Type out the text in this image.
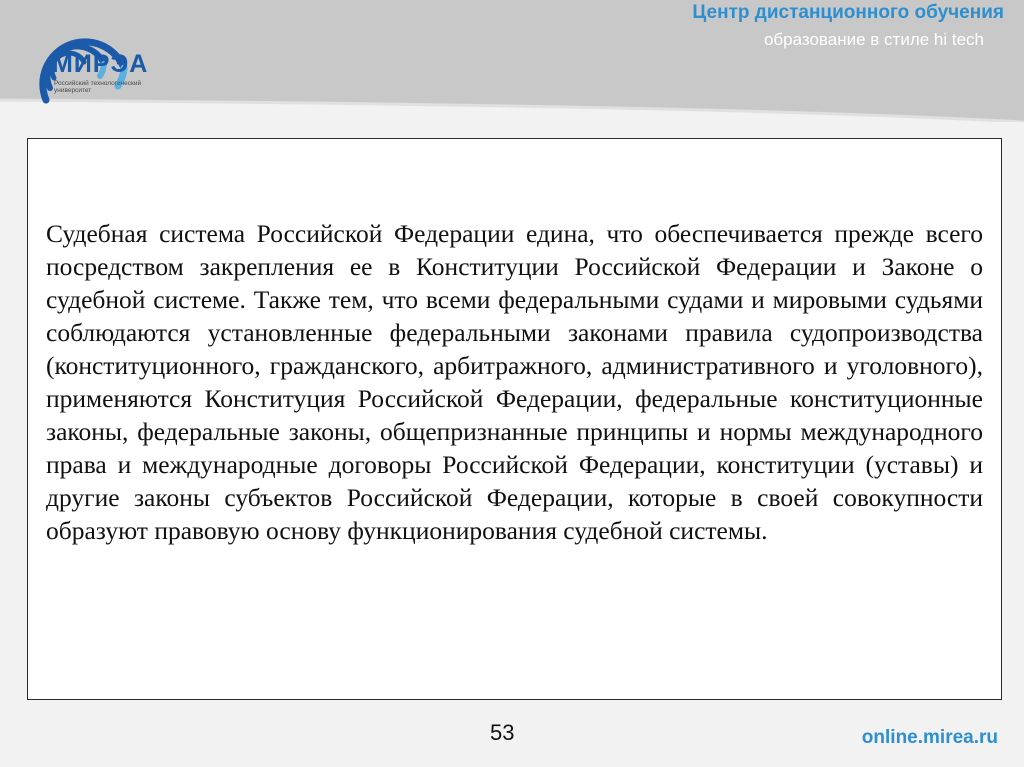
МИРЭА
Российский технологический университет
Центр дистанционного обучения
образование в стиле hi tech

Судебная система Российской Федерации едина, что обеспечивается прежде всего посредством закрепления ее в Конституции Российской Федерации и Законе о судебной системе. Также тем, что всеми федеральными судами и мировыми судьями соблюдаются установленные федеральными законами правила судопроизводства (конституционного, гражданского, арбитражного, административного и уголовного), применяются Конституция Российской Федерации, федеральные конституционные законы, федеральные законы, общепризнанные принципы и нормы международного права и международные договоры Российской Федерации, конституции (уставы) и другие законы субъектов Российской Федерации, которые в своей совокупности образуют правовую основу функционирования судебной системы.

53	online.mirea.ru
